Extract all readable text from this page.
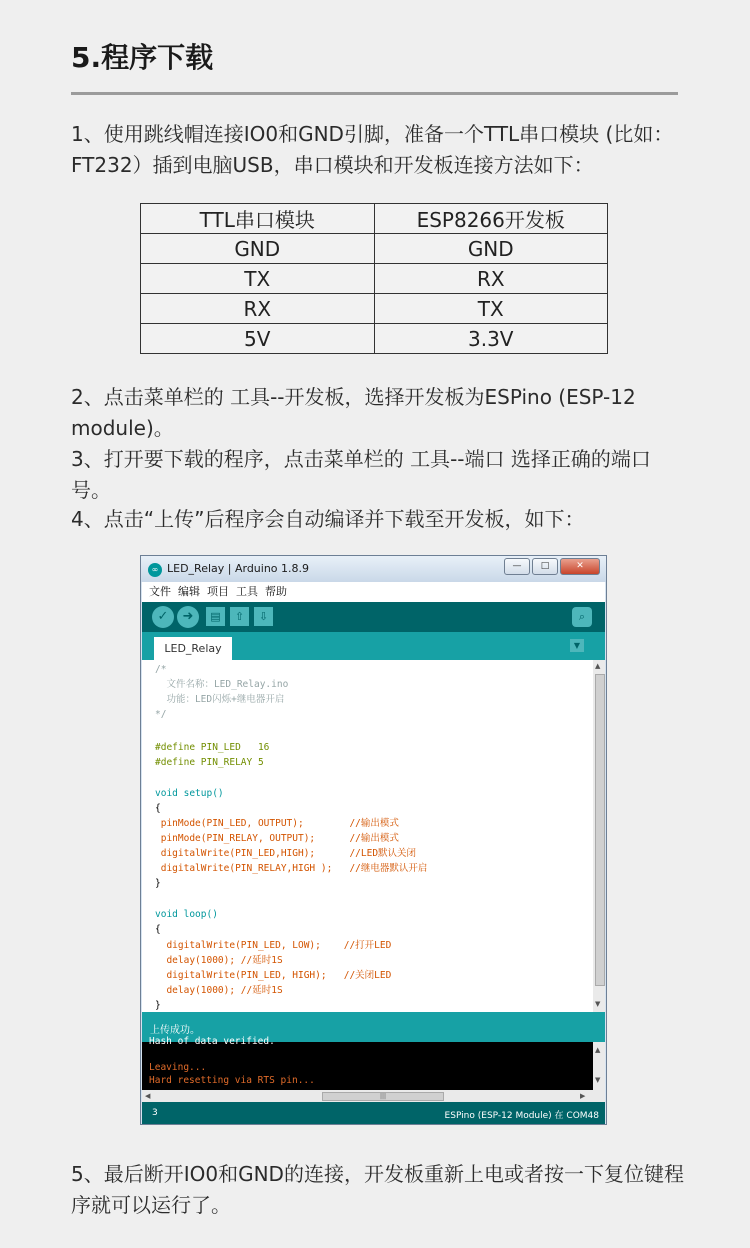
5.程序下载

1、使用跳线帽连接IO0和GND引脚，准备一个TTL串口模块 (比如：FT232）插到电脑USB，串口模块和开发板连接方法如下：

TTL串口模块	ESP8266开发板
GND	GND
TX	RX
RX	TX
5V	3.3V

2、点击菜单栏的 工具--开发板，选择开发板为ESPino (ESP-12 module)。

3、打开要下载的程序，点击菜单栏的 工具--端口 选择正确的端口号。

4、点击“上传”后程序会自动编译并下载至开发板，如下：

∞ LED_Relay | Arduino 1.8.9	—	□	✕
文件 编辑 项目 工具 帮助
✓	➜	▤	⇧	⇩	⌕
LED_Relay	▼
/*
文件名称：LED_Relay.ino
功能：LED闪烁+继电器开启
*/
#define PIN_LED   16
#define PIN_RELAY 5
void setup()
{
pinMode(PIN_LED, OUTPUT);        //输出模式
pinMode(PIN_RELAY, OUTPUT);      //输出模式
digitalWrite(PIN_LED,HIGH);      //LED默认关闭
digitalWrite(PIN_RELAY,HIGH );   //继电器默认开启
}
void loop()
{
digitalWrite(PIN_LED, LOW);    //打开LED
delay(1000); //延时1S
digitalWrite(PIN_LED, HIGH);   //关闭LED
delay(1000); //延时1S
}
▲
▼
上传成功。
Hash of data verified.
Leaving...
Hard resetting via RTS pin...
▲
▼
◀	|||	▶
3	ESPino (ESP-12 Module) 在 COM48

5、最后断开IO0和GND的连接，开发板重新上电或者按一下复位键程序就可以运行了。
